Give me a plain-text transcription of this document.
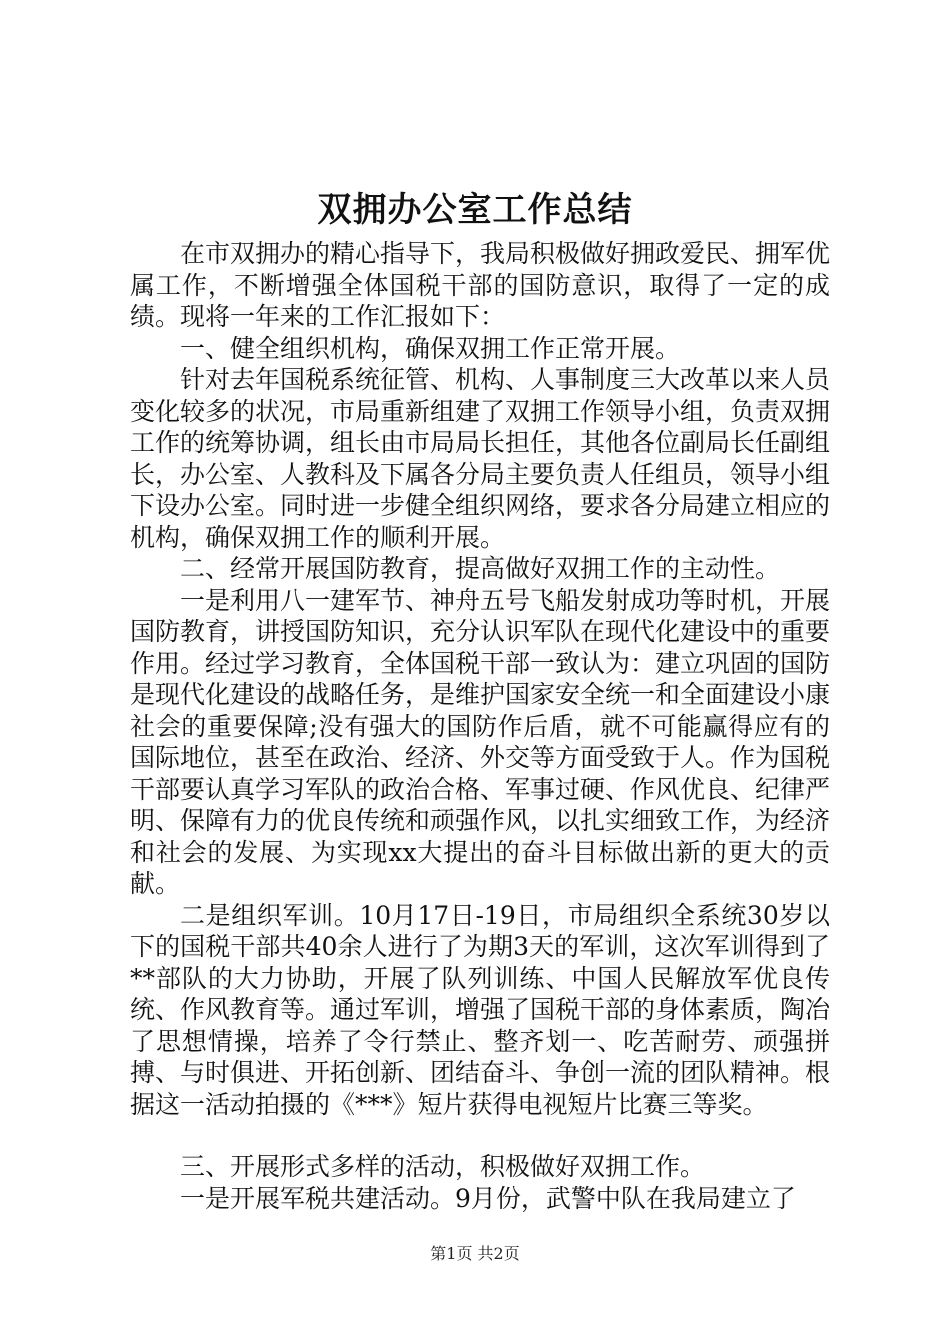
双拥办公室工作总结

在市双拥办的精心指导下，我局积极做好拥政爱民、拥军优属工作，不断增强全体国税干部的国防意识，取得了一定的成绩。现将一年来的工作汇报如下：

一、健全组织机构，确保双拥工作正常开展。

针对去年国税系统征管、机构、人事制度三大改革以来人员变化较多的状况，市局重新组建了双拥工作领导小组，负责双拥工作的统筹协调，组长由市局局长担任，其他各位副局长任副组长，办公室、人教科及下属各分局主要负责人任组员，领导小组下设办公室。同时进一步健全组织网络，要求各分局建立相应的机构，确保双拥工作的顺利开展。

二、经常开展国防教育，提高做好双拥工作的主动性。

一是利用八一建军节、神舟五号飞船发射成功等时机，开展国防教育，讲授国防知识，充分认识军队在现代化建设中的重要作用。经过学习教育，全体国税干部一致认为：建立巩固的国防是现代化建设的战略任务，是维护国家安全统一和全面建设小康社会的重要保障;没有强大的国防作后盾，就不可能赢得应有的国际地位，甚至在政治、经济、外交等方面受致于人。作为国税干部要认真学习军队的政治合格、军事过硬、作风优良、纪律严明、保障有力的优良传统和顽强作风，以扎实细致工作，为经济和社会的发展、为实现xx大提出的奋斗目标做出新的更大的贡献。

二是组织军训。10月17日-19日，市局组织全系统30岁以下的国税干部共40余人进行了为期3天的军训，这次军训得到了**部队的大力协助，开展了队列训练、中国人民解放军优良传统、作风教育等。通过军训，增强了国税干部的身体素质，陶冶了思想情操，培养了令行禁止、整齐划一、吃苦耐劳、顽强拼搏、与时俱进、开拓创新、团结奋斗、争创一流的团队精神。根据这一活动拍摄的《***》短片获得电视短片比赛三等奖。

三、开展形式多样的活动，积极做好双拥工作。

一是开展军税共建活动。9月份，武警中队在我局建立了

第1页 共2页
